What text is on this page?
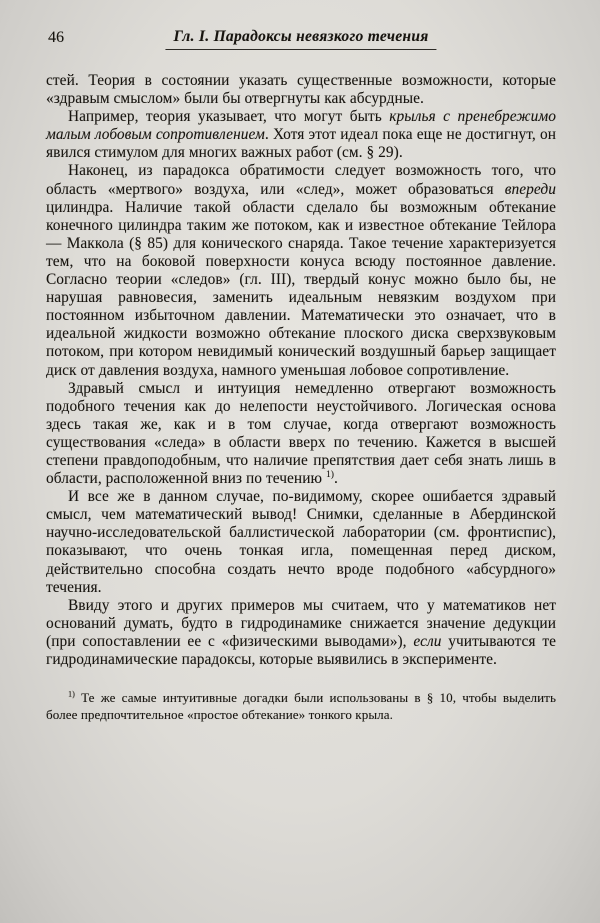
46	Гл. I. Парадоксы невязкого течения

стей. Теория в состоянии указать существенные возможности, которые «здравым смыслом» были бы отвергнуты как абсурдные.

Например, теория указывает, что могут быть крылья с пренебрежимо малым лобовым сопротивлением. Хотя этот идеал пока еще не достигнут, он явился стимулом для многих важных работ (см. § 29).

Наконец, из парадокса обратимости следует возможность того, что область «мертвого» воздуха, или «след», может образоваться впереди цилиндра. Наличие такой области сделало бы возможным обтекание конечного цилиндра таким же потоком, как и известное обтекание Тейлора — Маккола (§ 85) для конического снаряда. Такое течение характеризуется тем, что на боковой поверхности конуса всюду постоянное давление. Согласно теории «следов» (гл. III), твердый конус можно было бы, не нарушая равновесия, заменить идеальным невязким воздухом при постоянном избыточном давлении. Математически это означает, что в идеальной жидкости возможно обтекание плоского диска сверхзвуковым потоком, при котором невидимый конический воздушный барьер защищает диск от давления воздуха, намного уменьшая лобовое сопротивление.

Здравый смысл и интуиция немедленно отвергают возможность подобного течения как до нелепости неустойчивого. Логическая основа здесь такая же, как и в том случае, когда отвергают возможность существования «следа» в области вверх по течению. Кажется в высшей степени правдоподобным, что наличие препятствия дает себя знать лишь в области, расположенной вниз по течению $^{1)}$.

И все же в данном случае, по-видимому, скорее ошибается здравый смысл, чем математический вывод! Снимки, сделанные в Абердинской научно-исследовательской баллистической лаборатории (см. фронтиспис), показывают, что очень тонкая игла, помещенная перед диском, действительно способна создать нечто вроде подобного «абсурдного» течения.

Ввиду этого и других примеров мы считаем, что у математиков нет оснований думать, будто в гидродинамике снижается значение дедукции (при сопоставлении ее с «физическими выводами»), если учитываются те гидродинамические парадоксы, которые выявились в эксперименте.

$^{1)}$ Те же самые интуитивные догадки были использованы в § 10, чтобы выделить более предпочтительное «простое обтекание» тонкого крыла.
